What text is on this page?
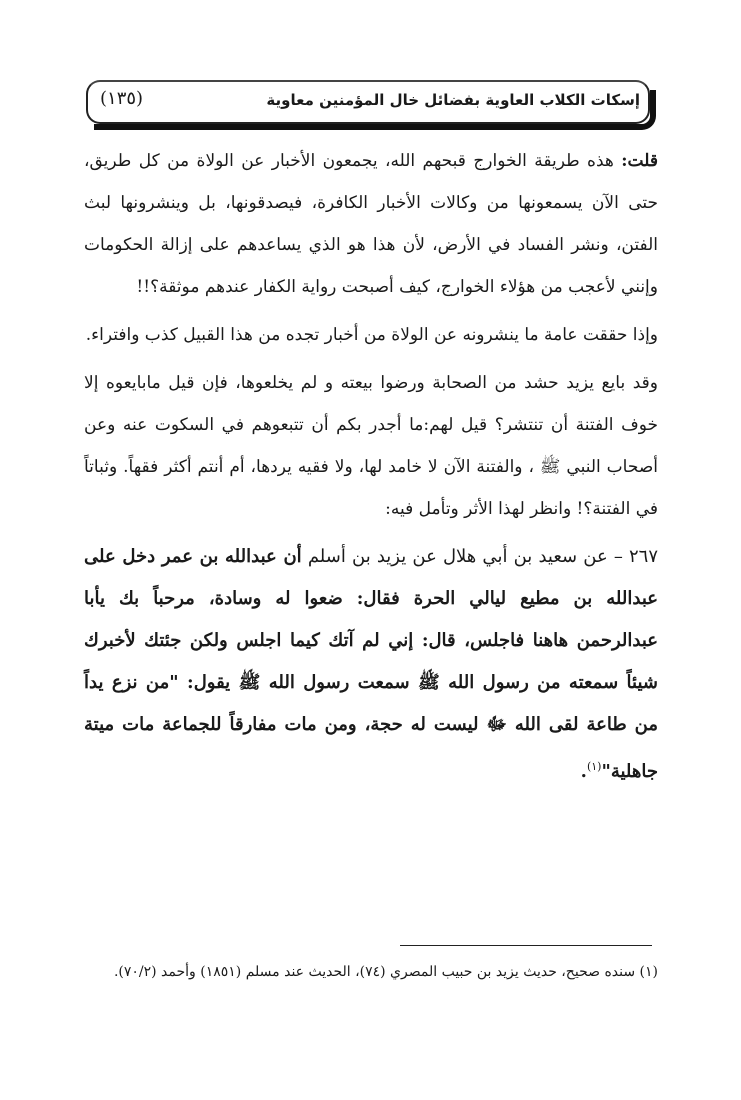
إسكات الكلاب العاوية بفضائل خال المؤمنين معاوية
(١٣٥)

قلت: هذه طريقة الخوارج قبحهم الله، يجمعون الأخبار عن الولاة من كل طريق، حتى الآن يسمعونها من وكالات الأخبار الكافرة، فيصدقونها، بل وينشرونها لبث الفتن، ونشر الفساد في الأرض، لأن هذا هو الذي يساعدهم على إزالة الحكومات وإنني لأعجب من هؤلاء الخوارج، كيف أصبحت رواية الكفار عندهم موثقة؟!!

وإذا حققت عامة ما ينشرونه عن الولاة من أخبار تجده من هذا القبيل كذب وافتراء.

وقد بايع يزيد حشد من الصحابة ورضوا بيعته و لم يخلعوها، فإن قيل مابايعوه إلا خوف الفتنة أن تنتشر؟ قيل لهم:ما أجدر بكم أن تتبعوهم في السكوت عنه وعن أصحاب النبي ﷺ ، والفتنة الآن لا خامد لها، ولا فقيه يردها، أم أنتم أكثر فقهاً. وثباتاً في الفتنة؟! وانظر لهذا الأثر وتأمل فيه:

٢٦٧ – عن سعيد بن أبي هلال عن يزيد بن أسلم أن عبدالله بن عمر دخل على عبدالله بن مطيع ليالي الحرة فقال: ضعوا له وسادة، مرحباً بك يأبا عبدالرحمن هاهنا فاجلس، قال: إني لم آتك كيما اجلس ولكن جئتك لأخبرك شيئاً سمعته من رسول الله ﷺ سمعت رسول الله ﷺ يقول: "من نزع يداً من طاعة لقى الله ﷻ ليست له حجة، ومن مات مفارقاً للجماعة مات ميتة جاهلية"$^{(١)}$.

(١) سنده صحيح، حديث يزيد بن حبيب المصري (٧٤)، الحديث عند مسلم (١٨٥١) وأحمد (٧٠/٢).
